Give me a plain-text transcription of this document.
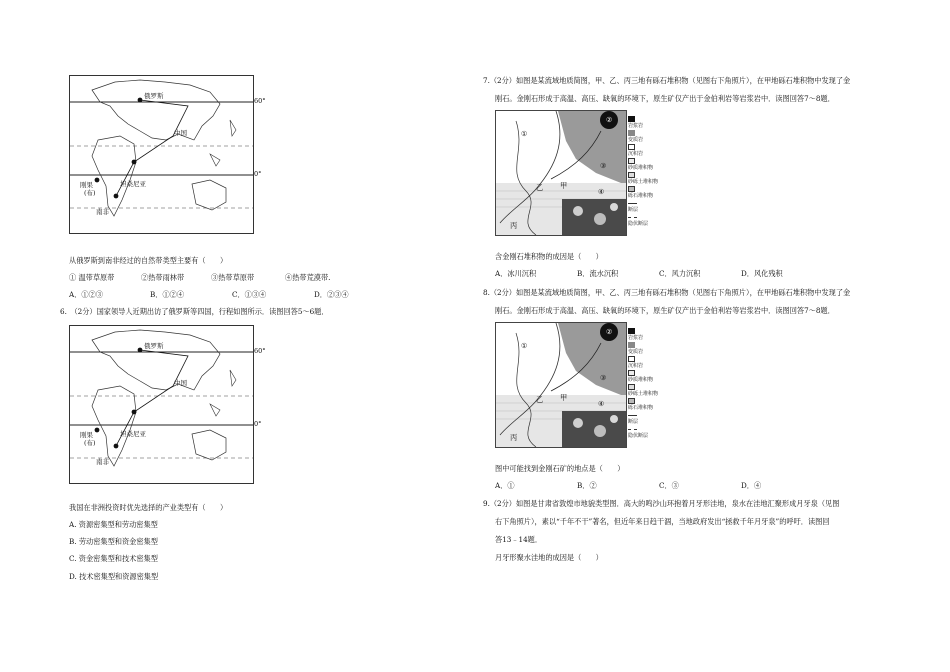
俄罗斯
中国
刚果
(布)
坦桑尼亚
南非
60°
0°
从俄罗斯到南非经过的自然带类型主要有（　　）
① 温带草原带	②热带雨林带	③热带草原带	④热带荒漠带.
A．①②③	B．①②④	C．①③④	D．②③④
6.　（2分）国家领导人近期出访了俄罗斯等四国，行程如图所示．读图回答5～6题．
俄罗斯
中国
刚果
(布)
坦桑尼亚
南非
60°
0°
我国在非洲投资时优先选择的产业类型有（　　）
A. 资源密集型和劳动密集型
B. 劳动密集型和资金密集型
C. 资金密集型和技术密集型
D. 技术密集型和资源密集型
7.（2分）如图是某流域地质简图，甲、乙、丙三地有砾石堆积物（见图右下角照片），在甲地砾石堆积物中发现了金
刚石。金刚石形成于高温、高压、缺氧的环境下，原生矿仅产出于金伯利岩等岩浆岩中．读图回答7～8题．
②
①
③
④
甲
乙
丙
岩浆岩
变质岩
沉积岩
砂质堆积物
砂砾土堆积物
砾石堆积物
断层
隐伏断层
含金刚石堆积物的成因是（　　）
A．冰川沉积	B．流水沉积	C．风力沉积	D．风化残积
8.（2分）如图是某流域地质简图，甲、乙、丙三地有砾石堆积物（见图右下角照片），在甲地砾石堆积物中发现了金
刚石。金刚石形成于高温、高压、缺氧的环境下，原生矿仅产出于金伯利岩等岩浆岩中．读图回答7～8题．
②
①
③
④
甲
乙
丙
岩浆岩
变质岩
沉积岩
砂质堆积物
砂砾土堆积物
砾石堆积物
断层
隐伏断层
图中可能找到金刚石矿的地点是（　　）
A．①	B．②	C．③	D．④
9.（2分）如图是甘肃省敦煌市地貌类型图．高大的鸣沙山环抱着月牙形洼地，泉水在洼地汇聚形成月牙泉（见图
右下角照片），素以“千年不干”著名，但近年来日趋干涸，当地政府发出“拯救千年月牙泉”的呼吁．读图回
答13﹣14题．
月牙形聚水洼地的成因是（　　）
